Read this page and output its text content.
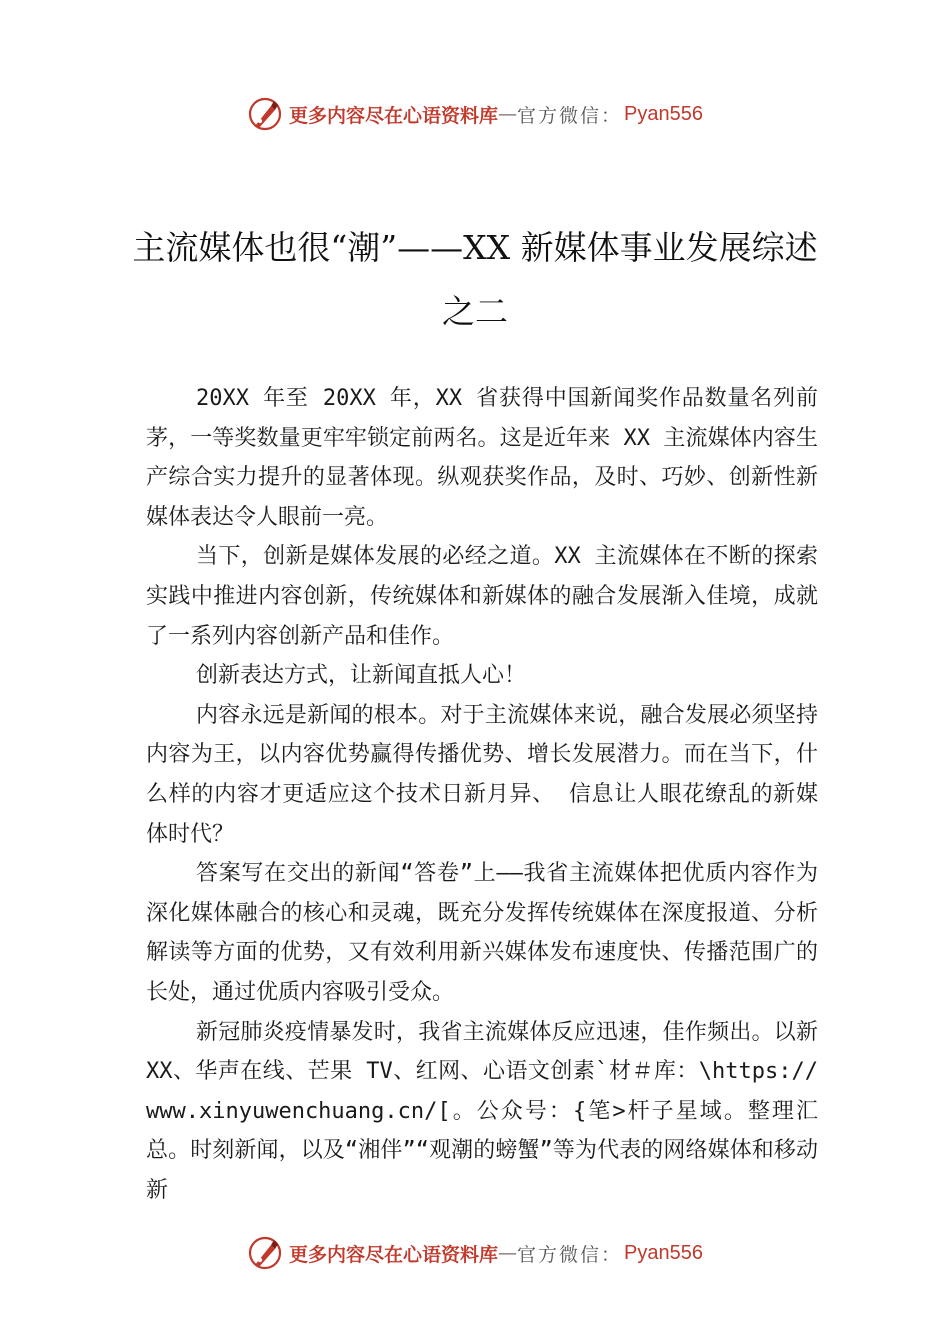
更多内容尽在心语资料库 — 官方微信： Pyan556
主流媒体也很“潮”——XX 新媒体事业发展综述之二

20XX 年至 20XX 年，XX 省获得中国新闻奖作品数量名列前茅，一等奖数量更牢牢锁定前两名。这是近年来 XX 主流媒体内容生产综合实力提升的显著体现。纵观获奖作品，及时、巧妙、创新性新媒体表达令人眼前一亮。

当下，创新是媒体发展的必经之道。XX 主流媒体在不断的探索实践中推进内容创新，传统媒体和新媒体的融合发展渐入佳境，成就了一系列内容创新产品和佳作。

创新表达方式，让新闻直抵人心！

内容永远是新闻的根本。对于主流媒体来说，融合发展必须坚持内容为王，以内容优势赢得传播优势、增长发展潜力。而在当下，什么样的内容才更适应这个技术日新月异、 信息让人眼花缭乱的新媒体时代？

答案写在交出的新闻“答卷”上——我省主流媒体把优质内容作为深化媒体融合的核心和灵魂，既充分发挥传统媒体在深度报道、分析解读等方面的优势，又有效利用新兴媒体发布速度快、传播范围广的长处，通过优质内容吸引受众。

新冠肺炎疫情暴发时，我省主流媒体反应迅速，佳作频出。以新 XX、华声在线、芒果 TV、红网、心语文创素`材＃库：\https://www.xinyuwenchuang.cn/[。公众号：{笔>杆子星域。整理汇总。时刻新闻，以及“湘伴”“观潮的螃蟹”等为代表的网络媒体和移动新

更多内容尽在心语资料库 — 官方微信： Pyan556
